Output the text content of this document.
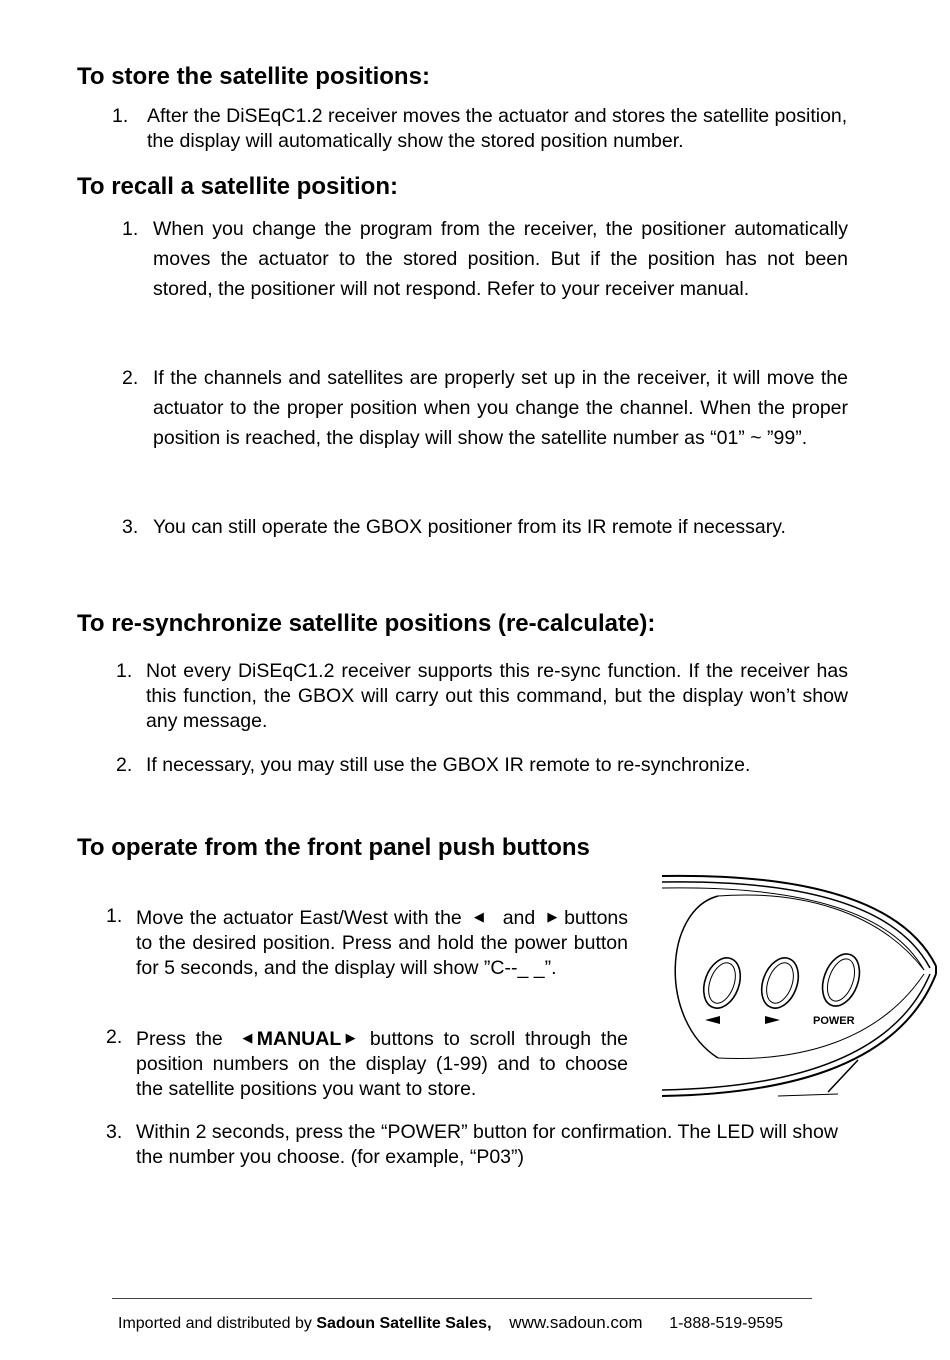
To store the satellite positions:
1. After the DiSEqC1.2 receiver moves the actuator and stores the satellite position, the display will automatically show the stored position number.
To recall a satellite position:
1. When you change the program from the receiver, the positioner automatically moves the actuator to the stored position. But if the position has not been stored, the positioner will not respond. Refer to your receiver manual.
2. If the channels and satellites are properly set up in the receiver, it will move the actuator to the proper position when you change the channel. When the proper position is reached, the display will show the satellite number as “01” ~ ”99”.
3. You can still operate the GBOX positioner from its IR remote if necessary.
To re-synchronize satellite positions (re-calculate):
1. Not every DiSEqC1.2 receiver supports this re-sync function. If the receiver has this function, the GBOX will carry out this command, but the display won’t show any message.
2. If necessary, you may still use the GBOX IR remote to re-synchronize.
To operate from the front panel push buttons
1. Move the actuator East/West with the ◀ and ▶ buttons to the desired position. Press and hold the power button for 5 seconds, and the display will show ”C--_ _”.
2. Press the ◀MANUAL▶ buttons to scroll through the position numbers on the display (1-99) and to choose the satellite positions you want to store.
3. Within 2 seconds, press the “POWER” button for confirmation. The LED will show the number you choose. (for example, “P03”)
POWER
Imported and distributed by Sadoun Satellite Sales, www.sadoun.com 1-888-519-9595
